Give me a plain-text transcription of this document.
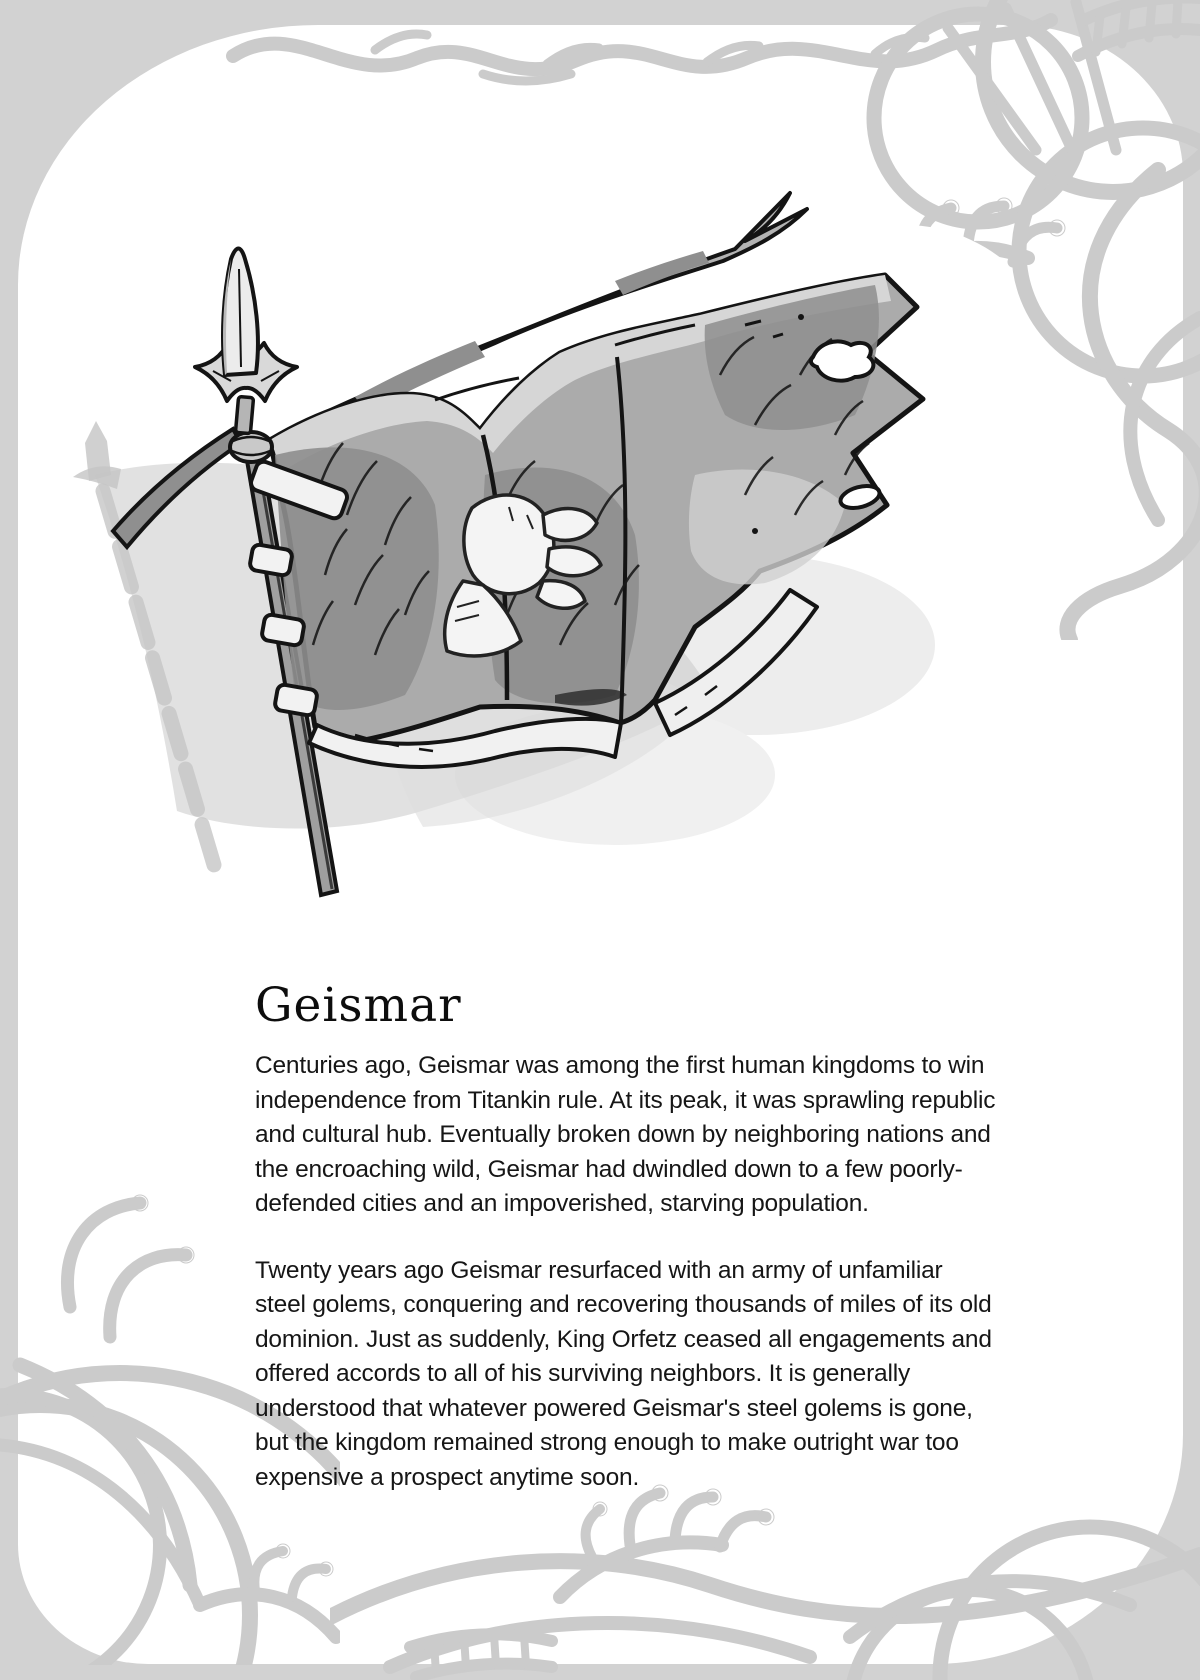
Geismar

Centuries ago, Geismar was among the first human kingdoms to win independence from Titankin rule. At its peak, it was sprawling republic and cultural hub. Eventually broken down by neighboring nations and the encroaching wild, Geismar had dwindled down to a few poorly-defended cities and an impoverished, starving population.

Twenty years ago Geismar resurfaced with an army of unfamiliar steel golems, conquering and recovering thousands of miles of its old dominion. Just as suddenly, King Orfetz ceased all engagements and offered accords to all of his surviving neighbors. It is generally understood that whatever powered Geismar's steel golems is gone, but the kingdom remained strong enough to make outright war too expensive a prospect anytime soon.
